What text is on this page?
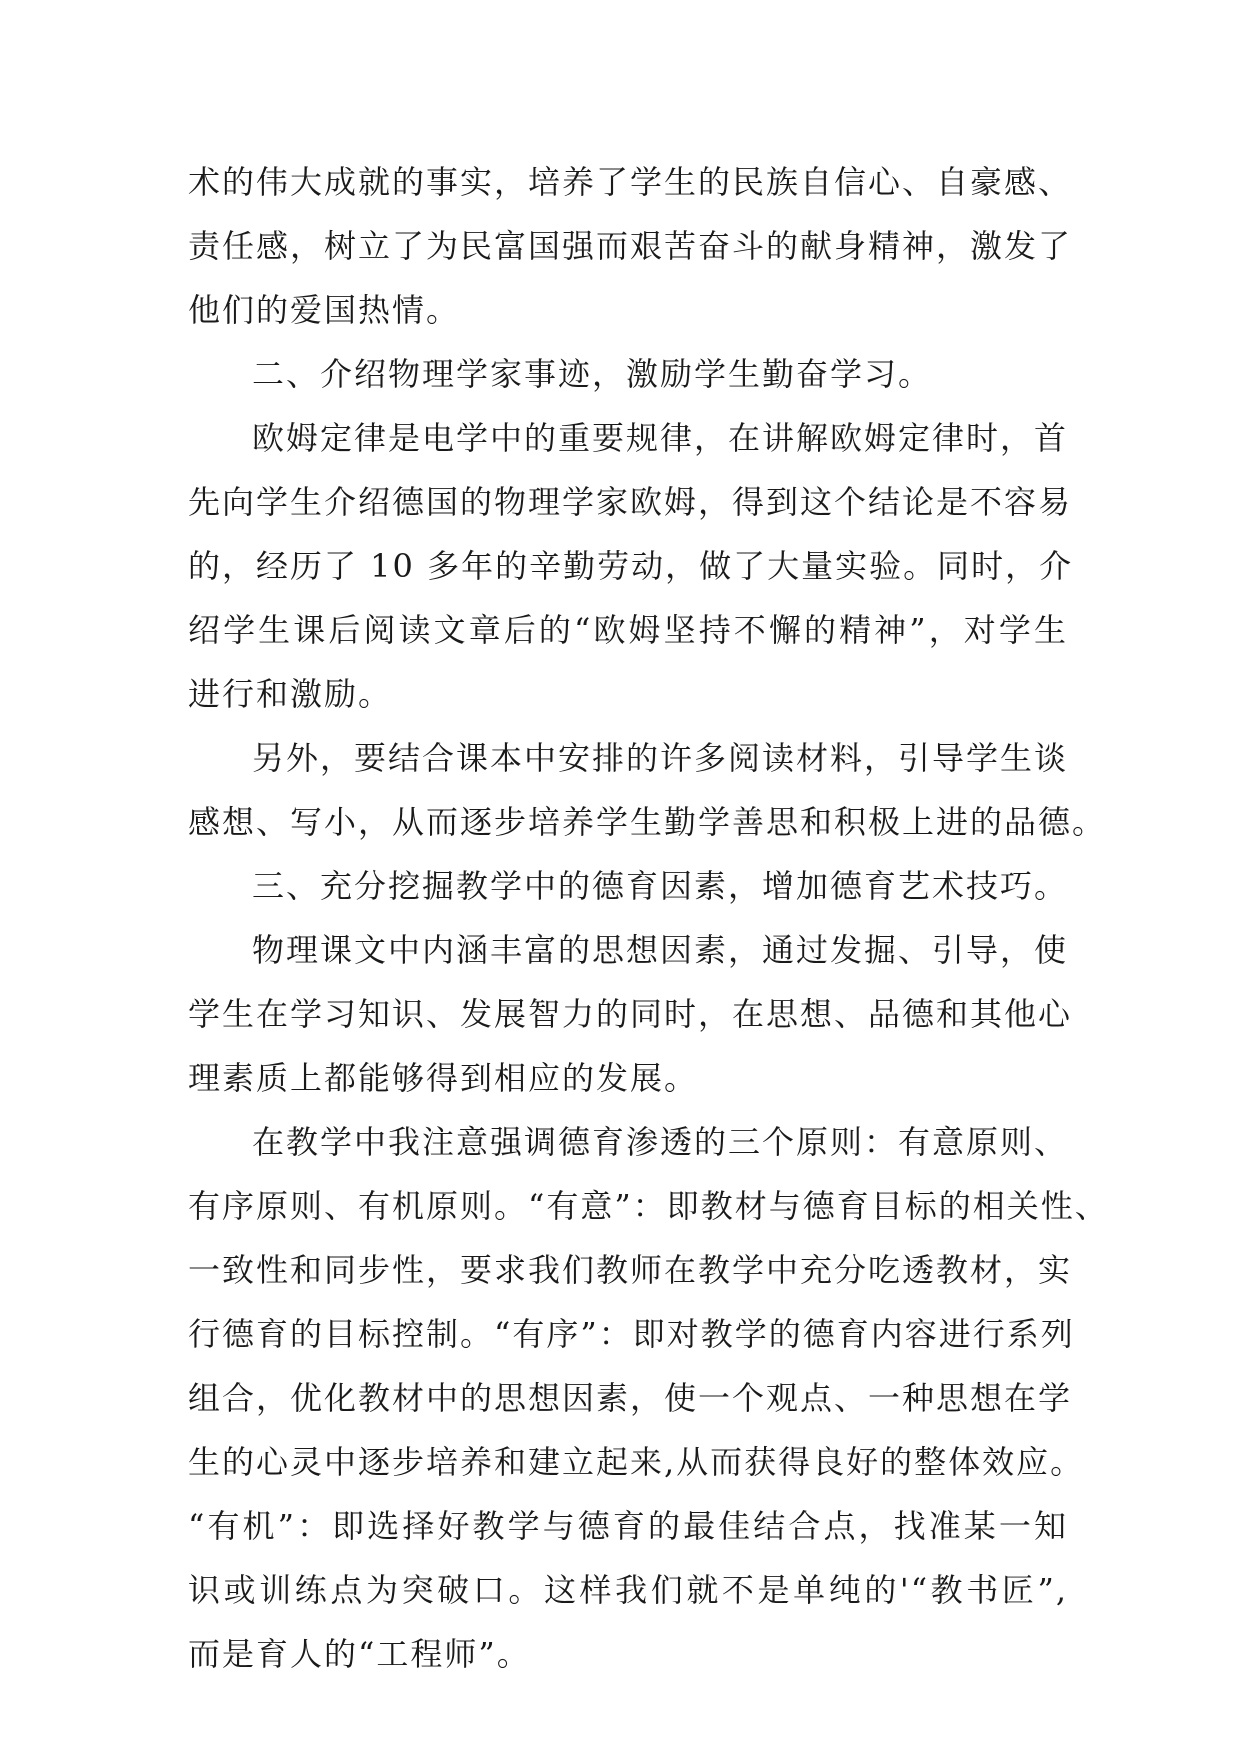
术的伟大成就的事实，培养了学生的民族自信心、自豪感、
责任感，树立了为民富国强而艰苦奋斗的献身精神，激发了
他们的爱国热情。
二、介绍物理学家事迹，激励学生勤奋学习。
欧姆定律是电学中的重要规律，在讲解欧姆定律时，首
先向学生介绍德国的物理学家欧姆，得到这个结论是不容易
的，经历了 10 多年的辛勤劳动，做了大量实验。同时，介
绍学生课后阅读文章后的“欧姆坚持不懈的精神”，对学生
进行和激励。
另外，要结合课本中安排的许多阅读材料，引导学生谈
感想、写小，从而逐步培养学生勤学善思和积极上进的品德。
三、充分挖掘教学中的德育因素，增加德育艺术技巧。
物理课文中内涵丰富的思想因素，通过发掘、引导，使
学生在学习知识、发展智力的同时，在思想、品德和其他心
理素质上都能够得到相应的发展。
在教学中我注意强调德育渗透的三个原则：有意原则、
有序原则、有机原则。“有意”：即教材与德育目标的相关性、
一致性和同步性，要求我们教师在教学中充分吃透教材，实
行德育的目标控制。“有序”：即对教学的德育内容进行系列
组合，优化教材中的思想因素，使一个观点、一种思想在学
生的心灵中逐步培养和建立起来,从而获得良好的整体效应。
“有机”：即选择好教学与德育的最佳结合点，找准某一知
识或训练点为突破口。这样我们就不是单纯的'“教书匠”,
而是育人的“工程师”。
